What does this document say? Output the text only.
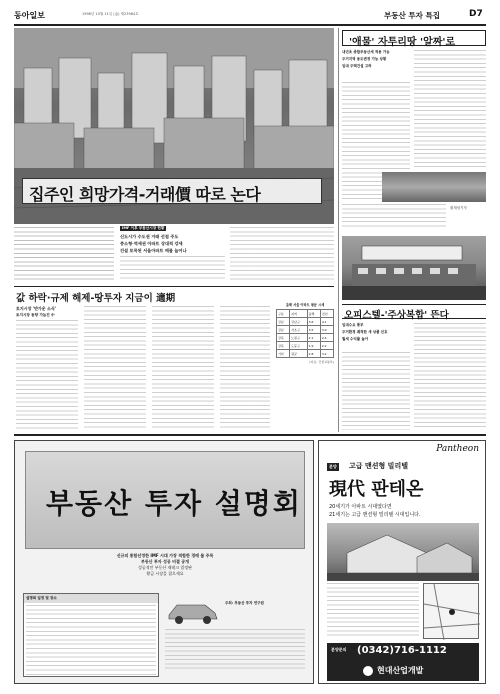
동아일보	1998년 10월 11일 (金) 제23984호	부동산 투자 특집	D7
집주인 희망가격-거래價 따로 논다
IMF 이후 부동산시장 현황
신도시가 수도권 거래 선점 주도
중소형·역세권 아파트 상대적 강세
건설 토목된 서울아파트 매물 늘어나
값 하락·규제 해제-땅투자 지금이 適期
토지시장 '반가운 소식'
토지시장 동향 가늠진 中
올해 서울 아파트 평균 시세
구분	지역	올해	전년
강남	강남구	3.6	4.1
강남	서초구	3.5	3.9
강북	노원구	2.1	2.4
강북	도봉구	1.9	2.2
기타	평균	2.8	3.2
(자료: 건설교통부)
'애물' 자투리땅 '알짜'로
내년초 종합부동산세 적용 가능
주거지역 용도변경 가능 상황
임대 주택건설 고려
황재성기자
오피스텔-'주상복합' 뜬다
임대수요 풍부
주거환경 쾌적한 새 상품 선호
월세 수익률 높아
부동산 투자 설명회
신규의 통합선정한 IMF 시대 가장 적합한 경매 물 주목
부동산 투자 성공 비결 공개
성공적인 부동산 재테크 결정판
황금 시장을 잡으세요
설명회 일정 및 장소
주최: 부동산 투자 연구원
Pantheon
분양 고급 맨션형 빌리텔
現代 판테온
20세기가 아파트 시대였다면
21세기는 고급 맨션형 빌리텔 시대입니다.
분양문의 (0342)716-1112
현대산업개발
